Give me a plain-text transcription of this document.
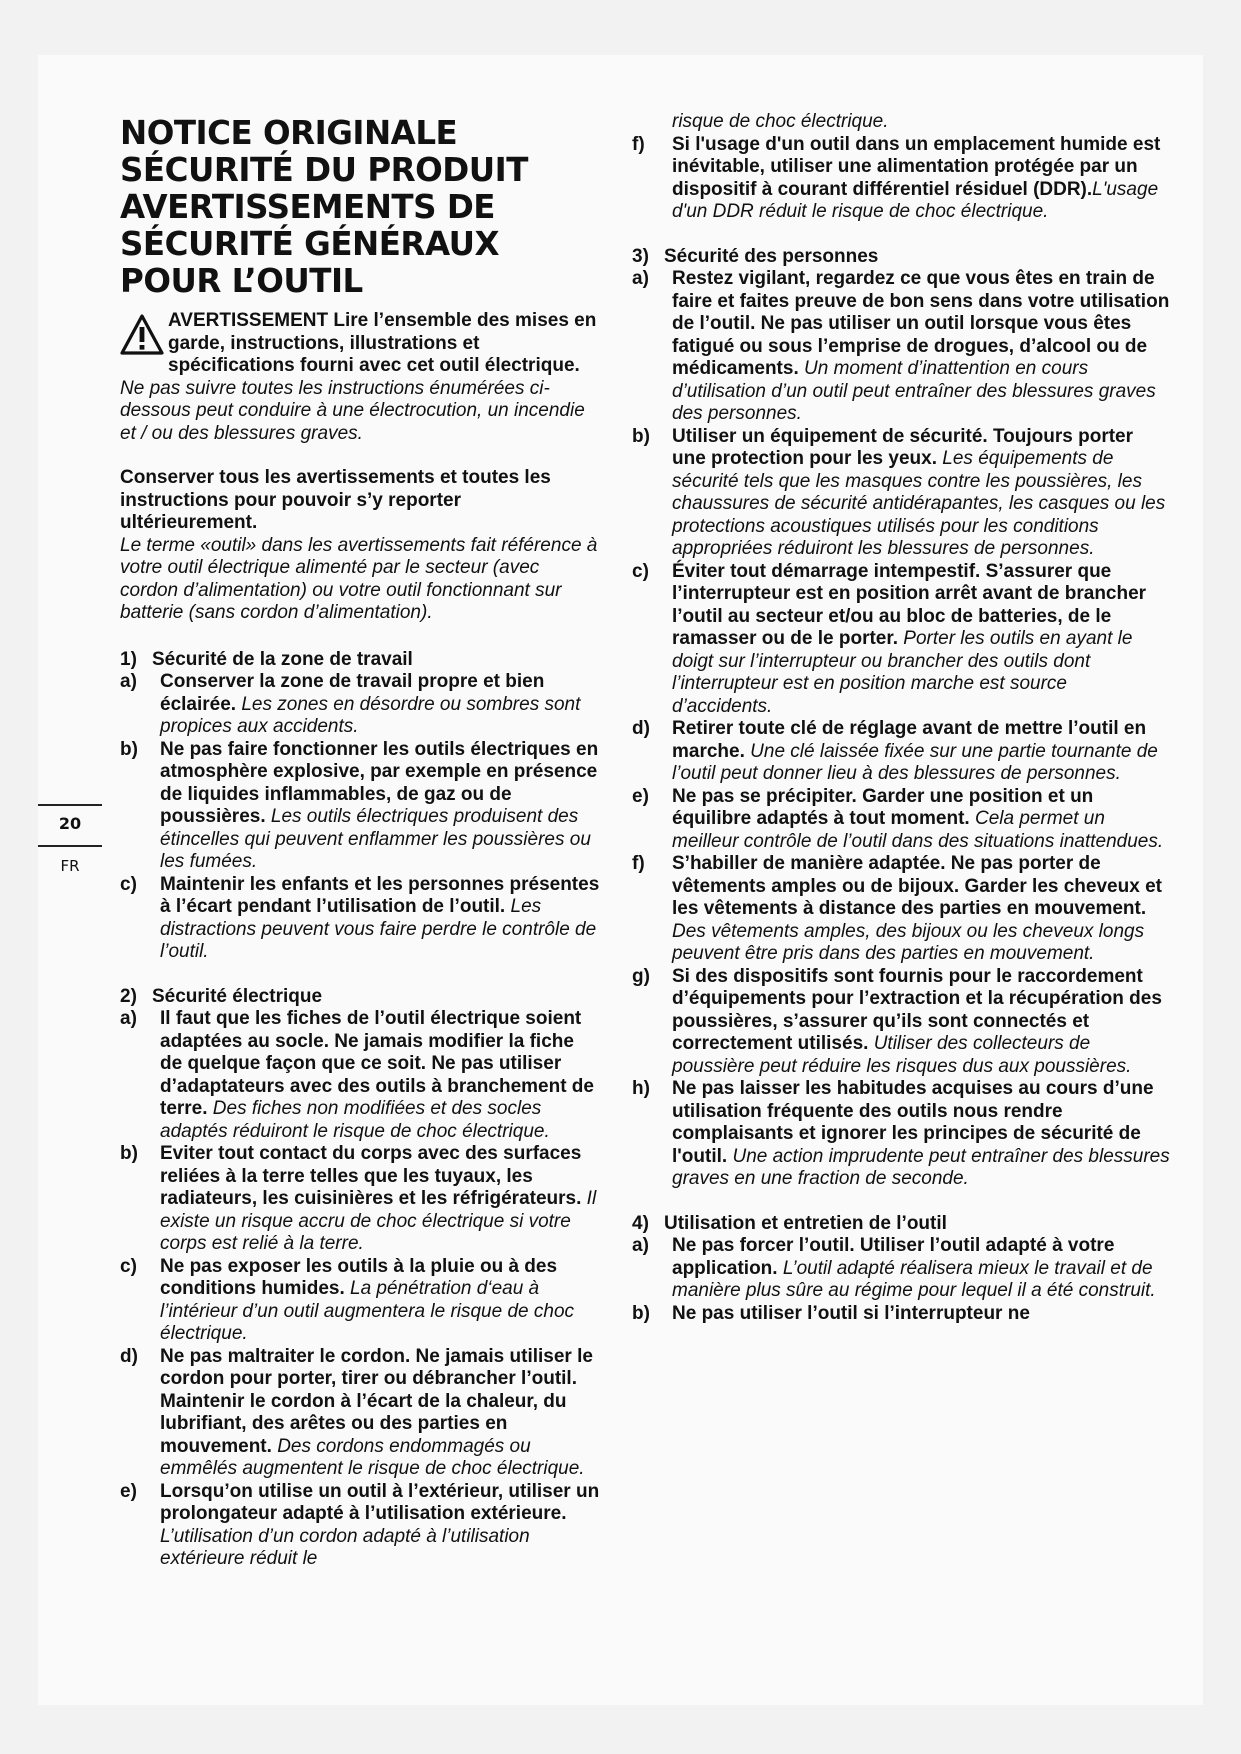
NOTICE ORIGINALE
SÉCURITÉ DU PRODUIT
AVERTISSEMENTS DE
SÉCURITÉ GÉNÉRAUX
POUR L’OUTIL
AVERTISSEMENT Lire l’ensemble des mises en garde, instructions, illustrations et spécifications fourni avec cet outil électrique. Ne pas suivre toutes les instructions énumérées ci-dessous peut conduire à une électrocution, un incendie et / ou des blessures graves.
Conserver tous les avertissements et toutes les instructions pour pouvoir s’y reporter ultérieurement.
Le terme «outil» dans les avertissements fait référence à votre outil électrique alimenté par le secteur (avec cordon d’alimentation) ou votre outil fonctionnant sur batterie (sans cordon d’alimentation).
1) Sécurité de la zone de travail
a)	Conserver la zone de travail propre et bien éclairée. Les zones en désordre ou sombres sont propices aux accidents.
b)	Ne pas faire fonctionner les outils électriques en atmosphère explosive, par exemple en présence de liquides inflammables, de gaz ou de poussières. Les outils électriques produisent des étincelles qui peuvent enflammer les poussières ou les fumées.
c)	Maintenir les enfants et les personnes présentes à l’écart pendant l’utilisation de l’outil. Les distractions peuvent vous faire perdre le contrôle de l’outil.
2) Sécurité électrique
a)	Il faut que les fiches de l’outil électrique soient adaptées au socle. Ne jamais modifier la fiche de quelque façon que ce soit. Ne pas utiliser d’adaptateurs avec des outils à branchement de terre. Des fiches non modifiées et des socles adaptés réduiront le risque de choc électrique.
b)	Eviter tout contact du corps avec des surfaces reliées à la terre telles que les tuyaux, les radiateurs, les cuisinières et les réfrigérateurs. Il existe un risque accru de choc électrique si votre corps est relié à la terre.
c)	Ne pas exposer les outils à la pluie ou à des conditions humides. La pénétration d‘eau à l’intérieur d’un outil augmentera le risque de choc électrique.
d)	Ne pas maltraiter le cordon. Ne jamais utiliser le cordon pour porter, tirer ou débrancher l’outil. Maintenir le cordon à l’écart de la chaleur, du lubrifiant, des arêtes ou des parties en mouvement. Des cordons endommagés ou emmêlés augmentent le risque de choc électrique.
e)	Lorsqu’on utilise un outil à l’extérieur, utiliser un prolongateur adapté à l’utilisation extérieure. L’utilisation d’un cordon adapté à l’utilisation extérieure réduit le
risque de choc électrique.
f)	Si l'usage d'un outil dans un emplacement humide est inévitable, utiliser une alimentation protégée par un dispositif à courant différentiel résiduel (DDR).L'usage d'un DDR réduit le risque de choc électrique.
3) Sécurité des personnes
a)	Restez vigilant, regardez ce que vous êtes en train de faire et faites preuve de bon sens dans votre utilisation de l’outil. Ne pas utiliser un outil lorsque vous êtes fatigué ou sous l’emprise de drogues, d’alcool ou de médicaments. Un moment d’inattention en cours d’utilisation d’un outil peut entraîner des blessures graves des personnes.
b)	Utiliser un équipement de sécurité. Toujours porter une protection pour les yeux. Les équipements de sécurité tels que les masques contre les poussières, les chaussures de sécurité antidérapantes, les casques ou les protections acoustiques utilisés pour les conditions appropriées réduiront les blessures de personnes.
c)	Éviter tout démarrage intempestif. S’assurer que l’interrupteur est en position arrêt avant de brancher l’outil au secteur et/ou au bloc de batteries, de le ramasser ou de le porter. Porter les outils en ayant le doigt sur l’interrupteur ou brancher des outils dont l’interrupteur est en position marche est source d’accidents.
d)	Retirer toute clé de réglage avant de mettre l’outil en marche. Une clé laissée fixée sur une partie tournante de l’outil peut donner lieu à des blessures de personnes.
e)	Ne pas se précipiter. Garder une position et un équilibre adaptés à tout moment. Cela permet un meilleur contrôle de l’outil dans des situations inattendues.
f)	S’habiller de manière adaptée. Ne pas porter de vêtements amples ou de bijoux. Garder les cheveux et les vêtements à distance des parties en mouvement. Des vêtements amples, des bijoux ou les cheveux longs peuvent être pris dans des parties en mouvement.
g)	Si des dispositifs sont fournis pour le raccordement d’équipements pour l’extraction et la récupération des poussières, s’assurer qu’ils sont connectés et correctement utilisés. Utiliser des collecteurs de poussière peut réduire les risques dus aux poussières.
h)	Ne pas laisser les habitudes acquises au cours d’une utilisation fréquente des outils nous rendre complaisants et ignorer les principes de sécurité de l'outil. Une action imprudente peut entraîner des blessures graves en une fraction de seconde.
4) Utilisation et entretien de l’outil
a)	Ne pas forcer l’outil. Utiliser l’outil adapté à votre application. L’outil adapté réalisera mieux le travail et de manière plus sûre au régime pour lequel il a été construit.
b)	Ne pas utiliser l’outil si l’interrupteur ne
20
FR
